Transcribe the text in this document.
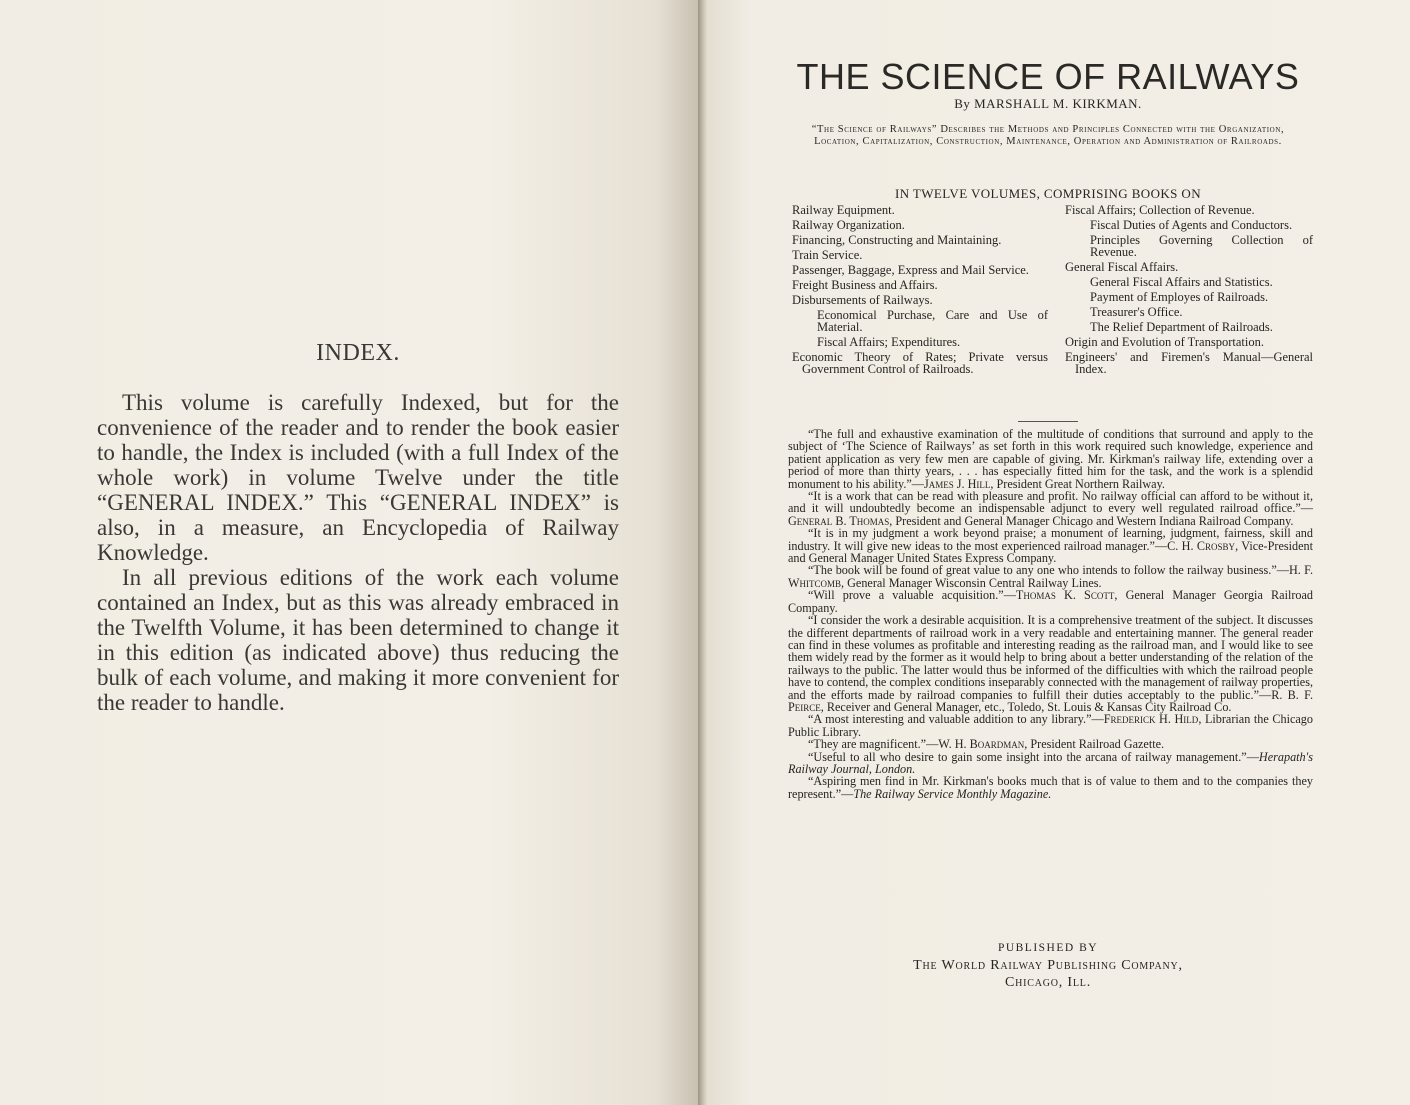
INDEX.

This volume is carefully Indexed, but for the convenience of the reader and to render the book easier to handle, the Index is included (with a full Index of the whole work) in volume Twelve under the title “GENERAL INDEX.” This “GENERAL INDEX” is also, in a measure, an Encyclopedia of Railway Knowledge.

In all previous editions of the work each volume contained an Index, but as this was already embraced in the Twelfth Volume, it has been determined to change it in this edition (as indicated above) thus reducing the bulk of each volume, and making it more convenient for the reader to handle.

THE SCIENCE OF RAILWAYS
By MARSHALL M. KIRKMAN.
“The Science of Railways” Describes the Methods and Principles Connected with the Organization, Location, Capitalization, Construction, Maintenance, Operation and Administration of Railroads.
IN TWELVE VOLUMES, COMPRISING BOOKS ON
Railway Equipment.
Railway Organization.
Financing, Constructing and Maintaining.
Train Service.
Passenger, Baggage, Express and Mail Service.
Freight Business and Affairs.
Disbursements of Railways.
Economical Purchase, Care and Use of Material.
Fiscal Affairs; Expenditures.
Economic Theory of Rates; Private versus Government Control of Railroads.
Fiscal Affairs; Collection of Revenue.
Fiscal Duties of Agents and Conductors.
Principles Governing Collection of Revenue.
General Fiscal Affairs.
General Fiscal Affairs and Statistics.
Payment of Employes of Railroads.
Treasurer's Office.
The Relief Department of Railroads.
Origin and Evolution of Transportation.
Engineers' and Firemen's Manual—General Index.

“The full and exhaustive examination of the multitude of conditions that surround and apply to the subject of ‘The Science of Railways’ as set forth in this work required such knowledge, experience and patient application as very few men are capable of giving. Mr. Kirkman's railway life, extending over a period of more than thirty years, . . . has especially fitted him for the task, and the work is a splendid monument to his ability.”—James J. Hill, President Great Northern Railway.

“It is a work that can be read with pleasure and profit. No railway official can afford to be without it, and it will undoubtedly become an indispensable adjunct to every well regulated railroad office.”—General B. Thomas, President and General Manager Chicago and Western Indiana Railroad Company.

“It is in my judgment a work beyond praise; a monument of learning, judgment, fairness, skill and industry. It will give new ideas to the most experienced railroad manager.”—C. H. Crosby, Vice-President and General Manager United States Express Company.

“The book will be found of great value to any one who intends to follow the railway business.”—H. F. Whitcomb, General Manager Wisconsin Central Railway Lines.

“Will prove a valuable acquisition.”—Thomas K. Scott, General Manager Georgia Railroad Company.

“I consider the work a desirable acquisition. It is a comprehensive treatment of the subject. It discusses the different departments of railroad work in a very readable and entertaining manner. The general reader can find in these volumes as profitable and interesting reading as the railroad man, and I would like to see them widely read by the former as it would help to bring about a better understanding of the relation of the railways to the public. The latter would thus be informed of the difficulties with which the railroad people have to contend, the complex conditions inseparably connected with the management of railway properties, and the efforts made by railroad companies to fulfill their duties acceptably to the public.”—R. B. F. Peirce, Receiver and General Manager, etc., Toledo, St. Louis & Kansas City Railroad Co.

“A most interesting and valuable addition to any library.”—Frederick H. Hild, Librarian the Chicago Public Library.

“They are magnificent.”—W. H. Boardman, President Railroad Gazette.

“Useful to all who desire to gain some insight into the arcana of railway management.”—Herapath's Railway Journal, London.

“Aspiring men find in Mr. Kirkman's books much that is of value to them and to the companies they represent.”—The Railway Service Monthly Magazine.

PUBLISHED BY
The World Railway Publishing Company,
Chicago, Ill.
